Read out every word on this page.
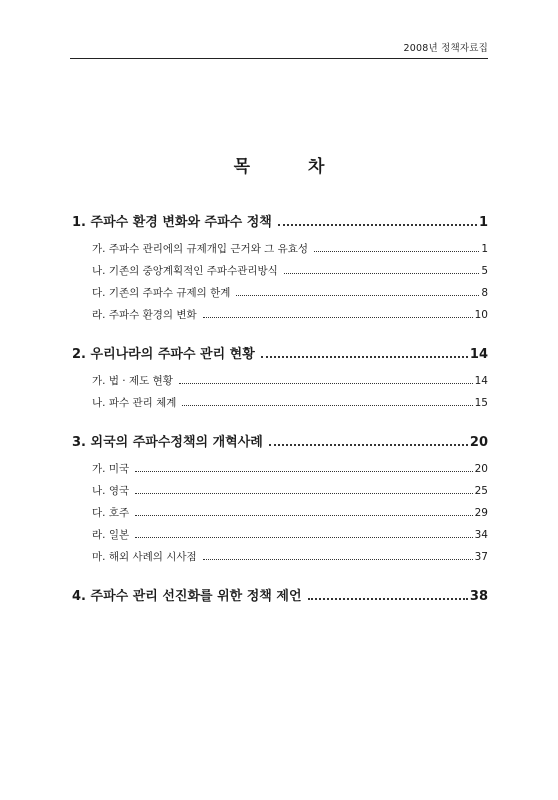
2008년 정책자료집
목 차
1. 주파수 환경 변화와 주파수 정책	1
가. 주파수 관리에의 규제개입 근거와 그 유효성	1
나. 기존의 중앙계획적인 주파수관리방식	5
다. 기존의 주파수 규제의 한계	8
라. 주파수 환경의 변화	10
2. 우리나라의 주파수 관리 현황	14
가. 법 · 제도 현황	14
나. 파수 관리 체계	15
3. 외국의 주파수정책의 개혁사례	20
가. 미국	20
나. 영국	25
다. 호주	29
라. 일본	34
마. 해외 사례의 시사점	37
4. 주파수 관리 선진화를 위한 정책 제언	38
